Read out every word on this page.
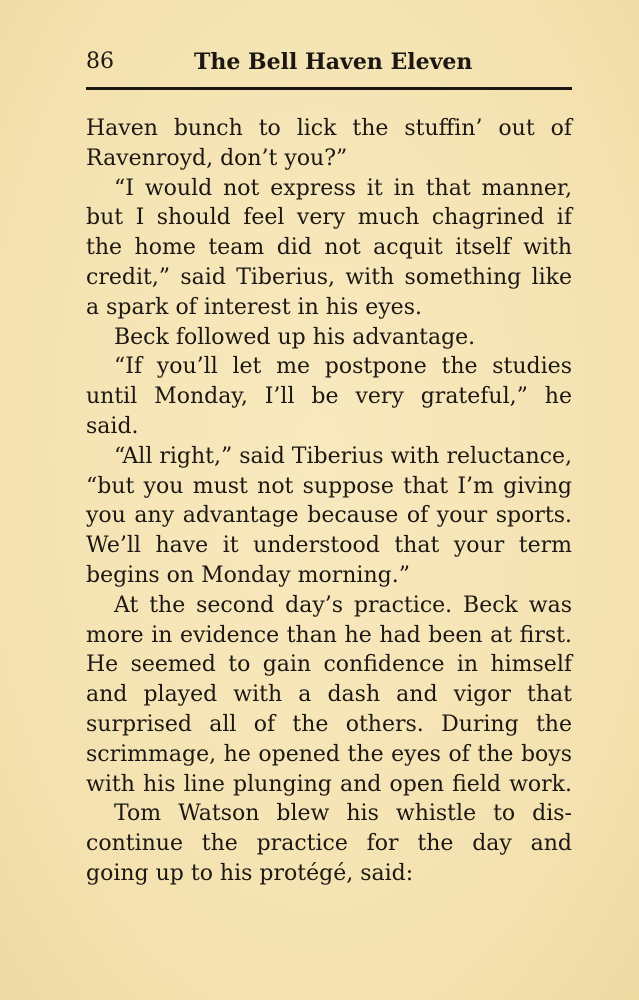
86	The Bell Haven Eleven
Haven bunch to lick the stuffin’ out of
Ravenroyd, don’t you?”
“I would not express it in that manner,
but I should feel very much chagrined if
the home team did not acquit itself with
credit,” said Tiberius, with something like
a spark of interest in his eyes.
Beck followed up his advantage.
“If you’ll let me postpone the studies
until Monday, I’ll be very grateful,” he
said.
“All right,” said Tiberius with reluctance,
“but you must not suppose that I’m giving
you any advantage because of your sports.
We’ll have it understood that your term
begins on Monday morning.”
At the second day’s practice. Beck was
more in evidence than he had been at first.
He seemed to gain confidence in himself
and played with a dash and vigor that
surprised all of the others. During the
scrimmage, he opened the eyes of the boys
with his line plunging and open field work.
Tom Watson blew his whistle to dis-
continue the practice for the day and
going up to his protégé, said:
